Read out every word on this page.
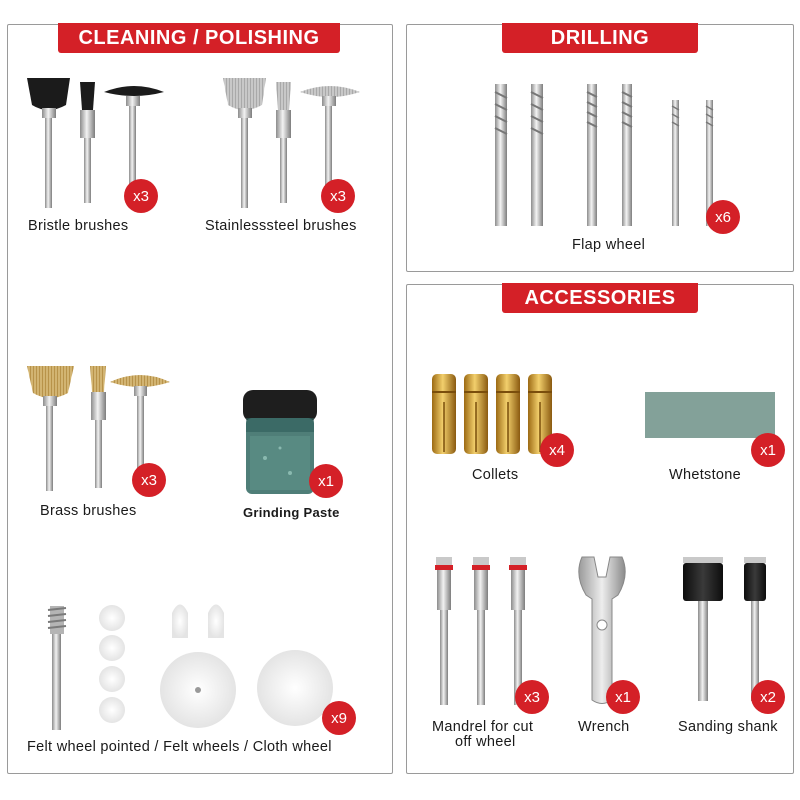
CLEANING / POLISHING	DRILLING
ACCESSORIES
x3
Bristle brushes
x3
Stainlesssteel brushes
x3
Brass brushes
x1
Grinding Paste
x9
Felt wheel pointed / Felt wheels / Cloth wheel
x6
Flap wheel
x4
Collets
x1
Whetstone
x3
Mandrel for cut
off wheel
x1
Wrench
x2
Sanding shank
